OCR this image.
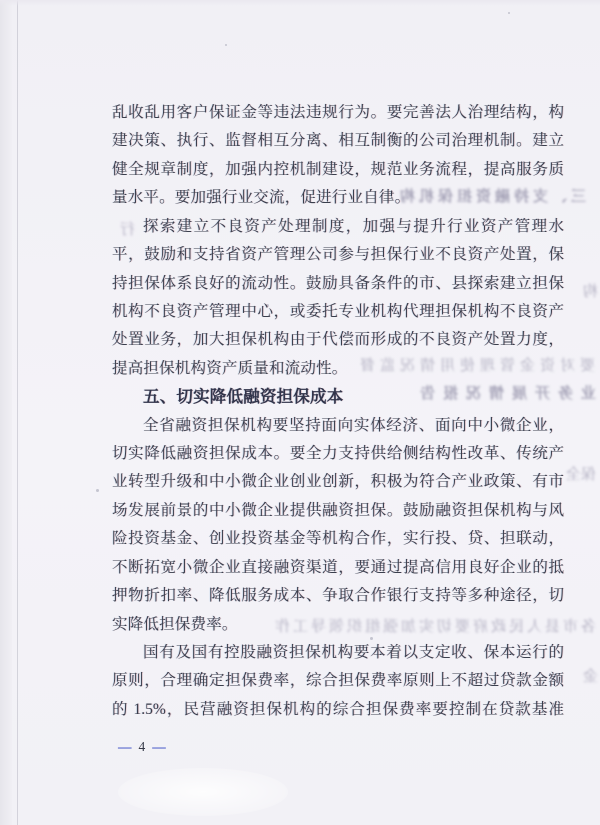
三、支持融资担保机构
要对资金管理使用情况监督
业务开展情况报告
各市县人民政府要切实加强组织领导工作
行
保全
金
构
乱收乱用客户保证金等违法违规行为。要完善法人治理结构，构
建决策、执行、监督相互分离、相互制衡的公司治理机制。建立
健全规章制度，加强内控机制建设，规范业务流程，提高服务质
量水平。要加强行业交流，促进行业自律。
探索建立不良资产处理制度，加强与提升行业资产管理水
平，鼓励和支持省资产管理公司参与担保行业不良资产处置，保
持担保体系良好的流动性。鼓励具备条件的市、县探索建立担保
机构不良资产管理中心，或委托专业机构代理担保机构不良资产
处置业务，加大担保机构由于代偿而形成的不良资产处置力度，
提高担保机构资产质量和流动性。
五、切实降低融资担保成本
全省融资担保机构要坚持面向实体经济、面向中小微企业，
切实降低融资担保成本。要全力支持供给侧结构性改革、传统产
业转型升级和中小微企业创业创新，积极为符合产业政策、有市
场发展前景的中小微企业提供融资担保。鼓励融资担保机构与风
险投资基金、创业投资基金等机构合作，实行投、贷、担联动，
不断拓宽小微企业直接融资渠道，要通过提高信用良好企业的抵
押物折扣率、降低服务成本、争取合作银行支持等多种途径，切
实降低担保费率。
国有及国有控股融资担保机构要本着以支定收、保本运行的
原则，合理确定担保费率，综合担保费率原则上不超过贷款金额
的 1.5%，民营融资担保机构的综合担保费率要控制在贷款基准
— 4 —
